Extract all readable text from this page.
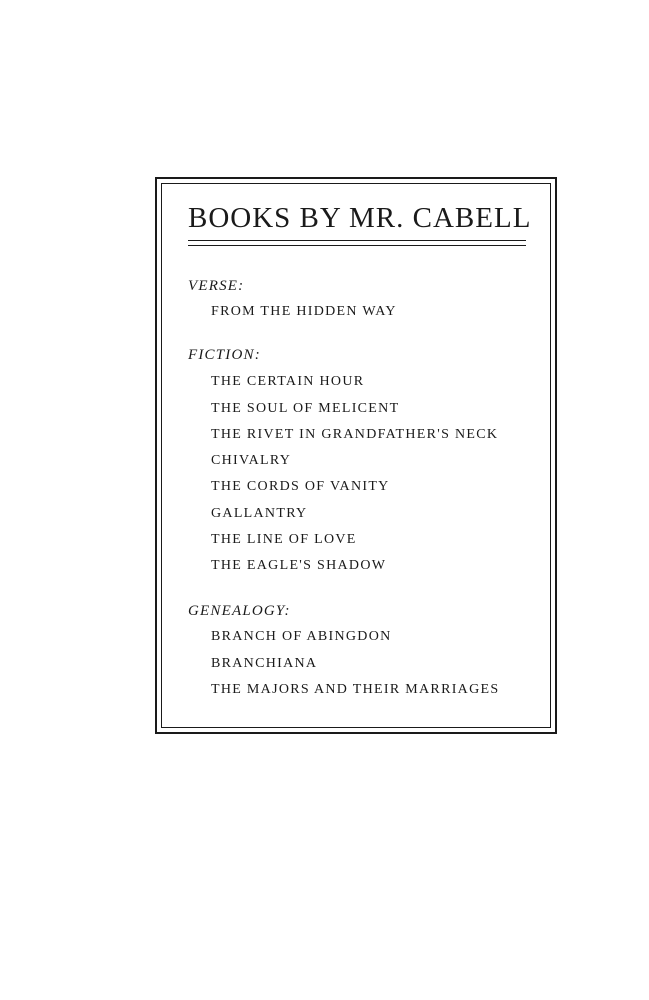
BOOKS BY MR. CABELL
VERSE:
FROM THE HIDDEN WAY
FICTION:
THE CERTAIN HOUR
THE SOUL OF MELICENT
THE RIVET IN GRANDFATHER'S NECK
CHIVALRY
THE CORDS OF VANITY
GALLANTRY
THE LINE OF LOVE
THE EAGLE'S SHADOW
GENEALOGY:
BRANCH OF ABINGDON
BRANCHIANA
THE MAJORS AND THEIR MARRIAGES
